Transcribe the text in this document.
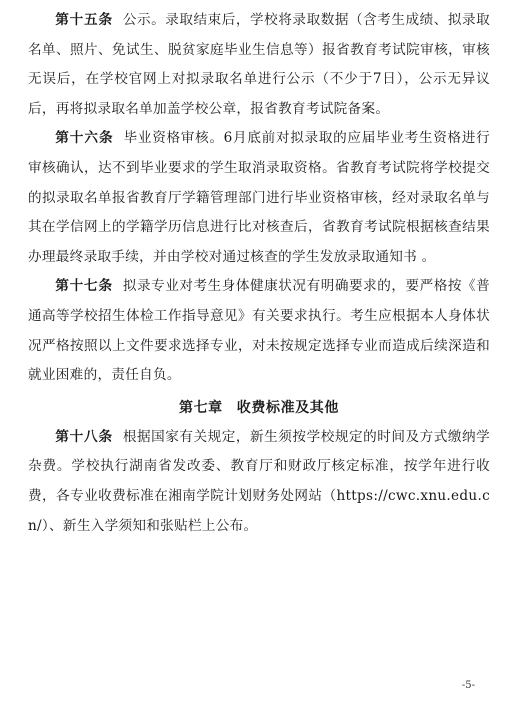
第十五条 公示。录取结束后，学校将录取数据（含考生成绩、拟录取名单、照片、免试生、脱贫家庭毕业生信息等）报省教育考试院审核，审核无误后，在学校官网上对拟录取名单进行公示（不少于7日），公示无异议后，再将拟录取名单加盖学校公章，报省教育考试院备案。

第十六条 毕业资格审核。6月底前对拟录取的应届毕业考生资格进行审核确认，达不到毕业要求的学生取消录取资格。省教育考试院将学校提交的拟录取名单报省教育厅学籍管理部门进行毕业资格审核，经对录取名单与其在学信网上的学籍学历信息进行比对核查后，省教育考试院根据核查结果办理最终录取手续，并由学校对通过核查的学生发放录取通知书 。

第十七条 拟录专业对考生身体健康状况有明确要求的，要严格按《普通高等学校招生体检工作指导意见》有关要求执行。考生应根据本人身体状况严格按照以上文件要求选择专业，对未按规定选择专业而造成后续深造和就业困难的，责任自负。

第七章 收费标准及其他

第十八条 根据国家有关规定，新生须按学校规定的时间及方式缴纳学杂费。学校执行湖南省发改委、教育厅和财政厅核定标准，按学年进行收费，各专业收费标准在湘南学院计划财务处网站（https://cwc.xnu.edu.cn/）、新生入学须知和张贴栏上公布。

-5-
